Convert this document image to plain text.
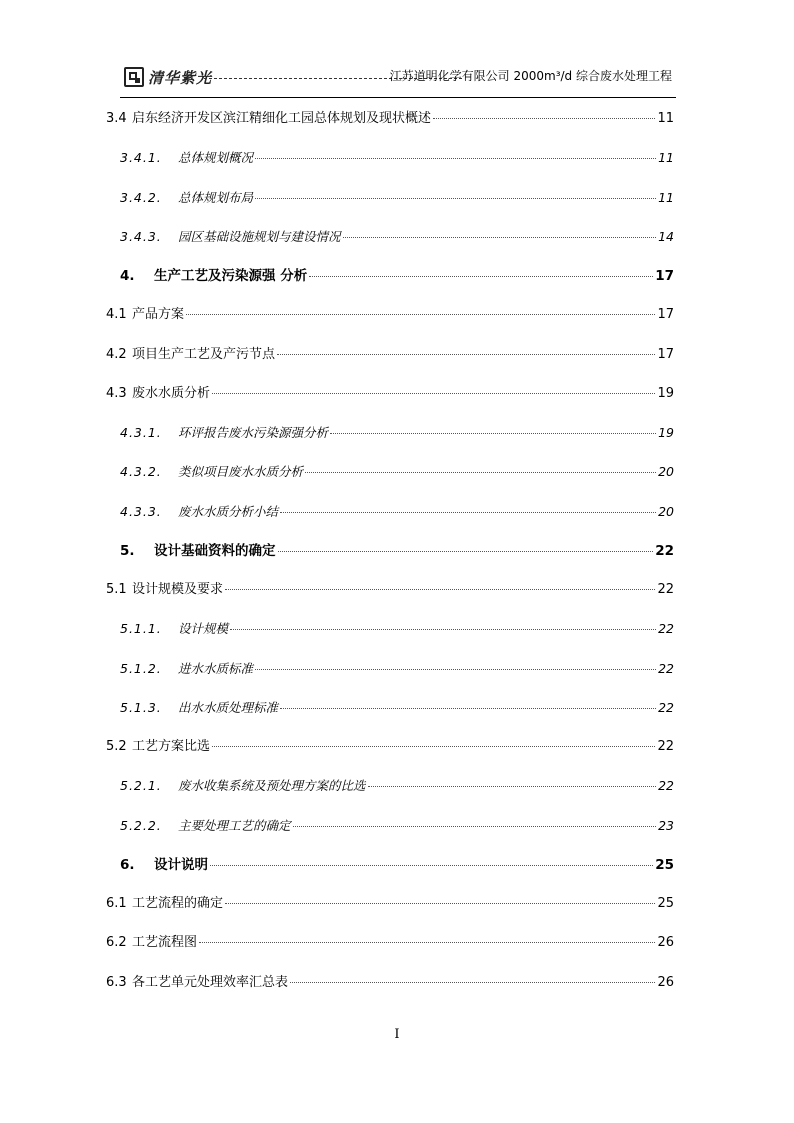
清华紫光	江苏道明化学有限公司 2000m³/d 综合废水处理工程
3.4 启东经济开发区滨江精细化工园总体规划及现状概述	11
3.4.1.	总体规划概况	11
3.4.2.	总体规划布局	11
3.4.3.	园区基础设施规划与建设情况	14
4.	生产工艺及污染源强 分析	17
4.1 产品方案	17
4.2 项目生产工艺及产污节点	17
4.3 废水水质分析	19
4.3.1.	环评报告废水污染源强分析	19
4.3.2.	类似项目废水水质分析	20
4.3.3.	废水水质分析小结	20
5.	设计基础资料的确定	22
5.1 设计规模及要求	22
5.1.1.	设计规模	22
5.1.2.	进水水质标准	22
5.1.3.	出水水质处理标准	22
5.2 工艺方案比选	22
5.2.1.	废水收集系统及预处理方案的比选	22
5.2.2.	主要处理工艺的确定	23
6.	设计说明	25
6.1 工艺流程的确定	25
6.2 工艺流程图	26
6.3 各工艺单元处理效率汇总表	26
I
